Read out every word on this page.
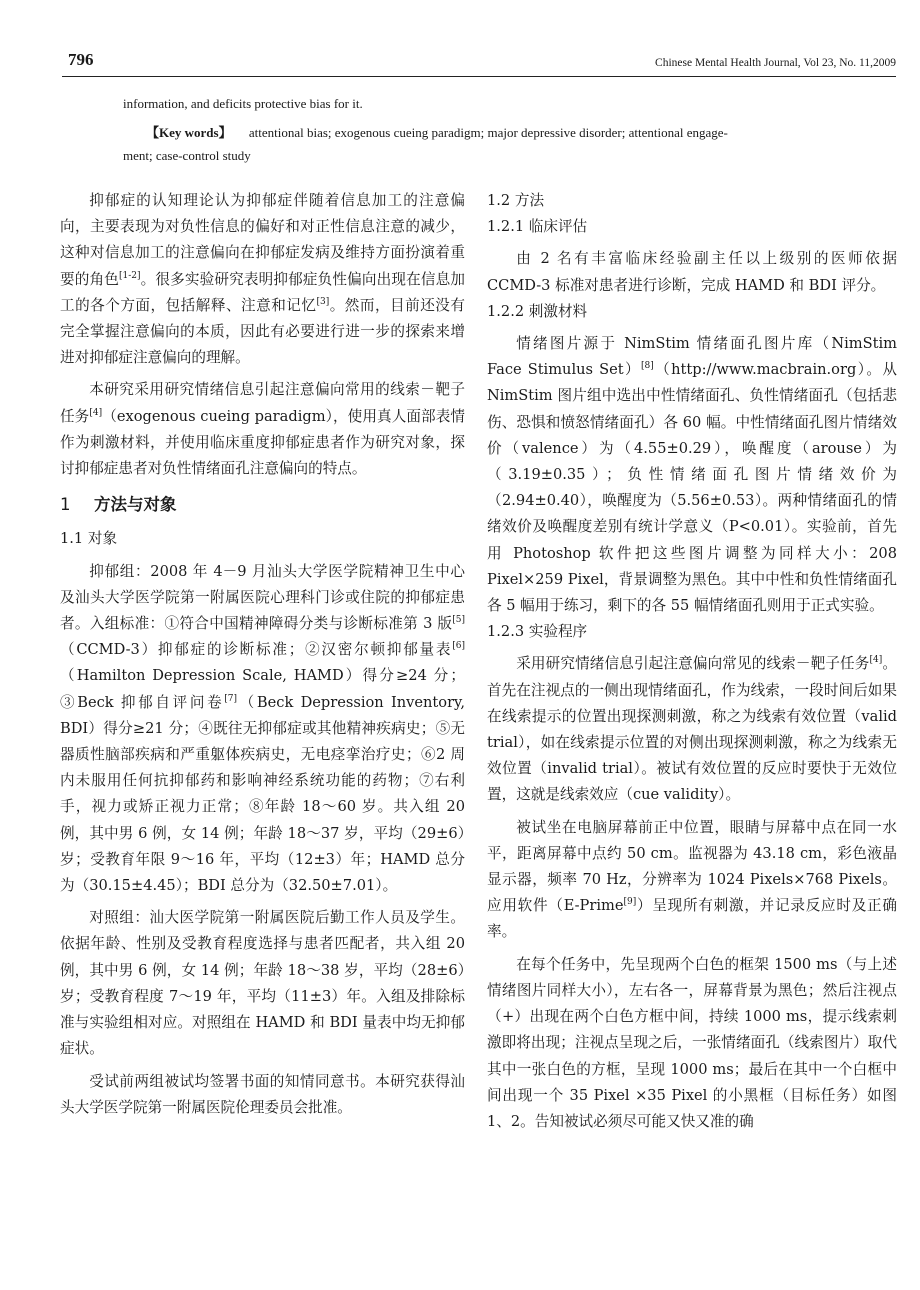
796	Chinese Mental Health Journal, Vol 23, No. 11,2009
information, and deficits protective bias for it.
【Key words】 attentional bias; exogenous cueing paradigm; major depressive disorder; attentional engage-
ment; case-control study

抑郁症的认知理论认为抑郁症伴随着信息加工的注意偏向，主要表现为对负性信息的偏好和对正性信息注意的减少，这种对信息加工的注意偏向在抑郁症发病及维持方面扮演着重要的角色[1-2]。很多实验研究表明抑郁症负性偏向出现在信息加工的各个方面，包括解释、注意和记忆[3]。然而，目前还没有完全掌握注意偏向的本质，因此有必要进行进一步的探索来增进对抑郁症注意偏向的理解。

本研究采用研究情绪信息引起注意偏向常用的线索－靶子任务[4]（exogenous cueing paradigm），使用真人面部表情作为刺激材料，并使用临床重度抑郁症患者作为研究对象，探讨抑郁症患者对负性情绪面孔注意偏向的特点。

1 方法与对象

1.1 对象

抑郁组：2008 年 4－9 月汕头大学医学院精神卫生中心及汕头大学医学院第一附属医院心理科门诊或住院的抑郁症患者。入组标准：①符合中国精神障碍分类与诊断标准第 3 版[5]（CCMD-3）抑郁症的诊断标准；②汉密尔顿抑郁量表[6]（Hamilton Depression Scale, HAMD）得分≥24 分；③Beck 抑郁自评问卷[7]（Beck Depression Inventory, BDI）得分≥21 分；④既往无抑郁症或其他精神疾病史；⑤无器质性脑部疾病和严重躯体疾病史，无电痉挛治疗史；⑥2 周内未服用任何抗抑郁药和影响神经系统功能的药物；⑦右利手，视力或矫正视力正常；⑧年龄 18～60 岁。共入组 20 例，其中男 6 例，女 14 例；年龄 18～37 岁，平均（29±6）岁；受教育年限 9～16 年，平均（12±3）年；HAMD 总分为（30.15±4.45）；BDI 总分为（32.50±7.01）。

对照组：汕大医学院第一附属医院后勤工作人员及学生。依据年龄、性别及受教育程度选择与患者匹配者，共入组 20 例，其中男 6 例，女 14 例；年龄 18～38 岁，平均（28±6）岁；受教育程度 7～19 年，平均（11±3）年。入组及排除标准与实验组相对应。对照组在 HAMD 和 BDI 量表中均无抑郁症状。

受试前两组被试均签署书面的知情同意书。本研究获得汕头大学医学院第一附属医院伦理委员会批准。

1.2 方法

1.2.1 临床评估

由 2 名有丰富临床经验副主任以上级别的医师依据 CCMD-3 标准对患者进行诊断，完成 HAMD 和 BDI 评分。

1.2.2 刺激材料

情绪图片源于 NimStim 情绪面孔图片库（NimStim Face Stimulus Set）[8]（http://www.macbrain.org）。从 NimStim 图片组中选出中性情绪面孔、负性情绪面孔（包括悲伤、恐惧和愤怒情绪面孔）各 60 幅。中性情绪面孔图片情绪效价（valence）为（4.55±0.29），唤醒度（arouse）为（3.19±0.35）；负性情绪面孔图片情绪效价为（2.94±0.40），唤醒度为（5.56±0.53）。两种情绪面孔的情绪效价及唤醒度差别有统计学意义（P<0.01）。实验前，首先用 Photoshop 软件把这些图片调整为同样大小：208 Pixel×259 Pixel，背景调整为黑色。其中中性和负性情绪面孔各 5 幅用于练习，剩下的各 55 幅情绪面孔则用于正式实验。

1.2.3 实验程序

采用研究情绪信息引起注意偏向常见的线索－靶子任务[4]。首先在注视点的一侧出现情绪面孔，作为线索，一段时间后如果在线索提示的位置出现探测刺激，称之为线索有效位置（valid trial），如在线索提示位置的对侧出现探测刺激，称之为线索无效位置（invalid trial）。被试有效位置的反应时要快于无效位置，这就是线索效应（cue validity）。

被试坐在电脑屏幕前正中位置，眼睛与屏幕中点在同一水平，距离屏幕中点约 50 cm。监视器为 43.18 cm，彩色液晶显示器，频率 70 Hz，分辨率为 1024 Pixels×768 Pixels。应用软件（E-Prime[9]）呈现所有刺激，并记录反应时及正确率。

在每个任务中，先呈现两个白色的框架 1500 ms（与上述情绪图片同样大小），左右各一，屏幕背景为黑色；然后注视点（+）出现在两个白色方框中间，持续 1000 ms，提示线索刺激即将出现；注视点呈现之后，一张情绪面孔（线索图片）取代其中一张白色的方框，呈现 1000 ms；最后在其中一个白框中间出现一个 35 Pixel ×35 Pixel 的小黑框（目标任务）如图 1、2。告知被试必须尽可能又快又准的确
